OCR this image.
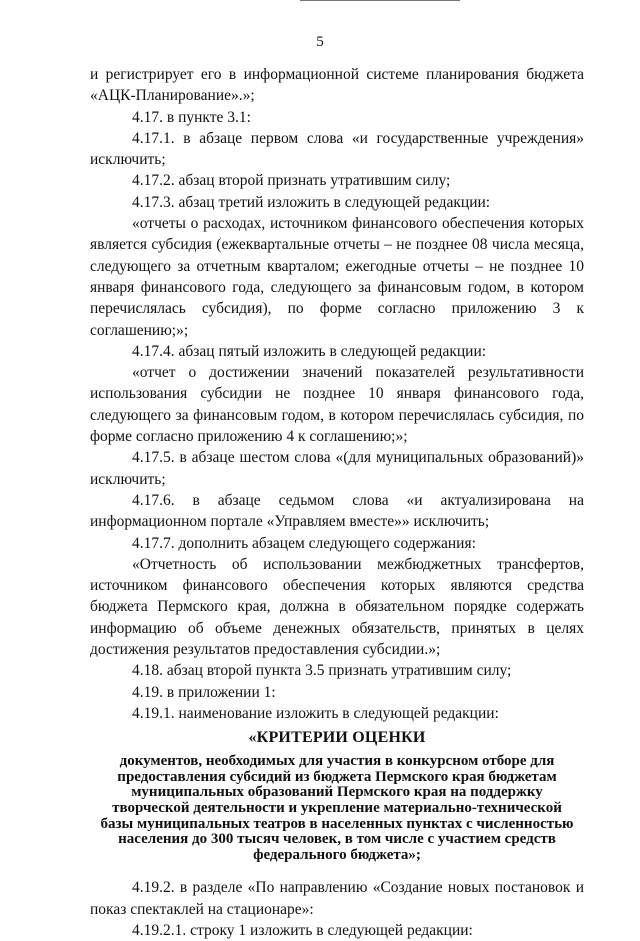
5

и регистрирует его в информационной системе планирования бюджета «АЦК-Планирование».»;

4.17. в пункте 3.1:

4.17.1. в абзаце первом слова «и государственные учреждения» исключить;

4.17.2. абзац второй признать утратившим силу;

4.17.3. абзац третий изложить в следующей редакции:

«отчеты о расходах, источником финансового обеспечения которых является субсидия (ежеквартальные отчеты – не позднее 08 числа месяца, следующего за отчетным кварталом; ежегодные отчеты – не позднее 10 января финансового года, следующего за финансовым годом, в котором перечислялась субсидия), по форме согласно приложению 3 к соглашению;»;

4.17.4. абзац пятый изложить в следующей редакции:

«отчет о достижении значений показателей результативности использования субсидии не позднее 10 января финансового года, следующего за финансовым годом, в котором перечислялась субсидия, по форме согласно приложению 4 к соглашению;»;

4.17.5. в абзаце шестом слова «(для муниципальных образований)» исключить;

4.17.6. в абзаце седьмом слова «и актуализирована на информационном портале «Управляем вместе»» исключить;

4.17.7. дополнить абзацем следующего содержания:

«Отчетность об использовании межбюджетных трансфертов, источником финансового обеспечения которых являются средства бюджета Пермского края, должна в обязательном порядке содержать информацию об объеме денежных обязательств, принятых в целях достижения результатов предоставления субсидии.»;

4.18. абзац второй пункта 3.5 признать утратившим силу;

4.19. в приложении 1:

4.19.1. наименование изложить в следующей редакции:

«КРИТЕРИИ ОЦЕНКИ
документов, необходимых для участия в конкурсном отборе для предоставления субсидий из бюджета Пермского края бюджетам муниципальных образований Пермского края на поддержку творческой деятельности и укрепление материально-технической базы муниципальных театров в населенных пунктах с численностью населения до 300 тысяч человек, в том числе с участием средств федерального бюджета»;

4.19.2. в разделе «По направлению «Создание новых постановок и показ спектаклей на стационаре»:

4.19.2.1. строку 1 изложить в следующей редакции:
